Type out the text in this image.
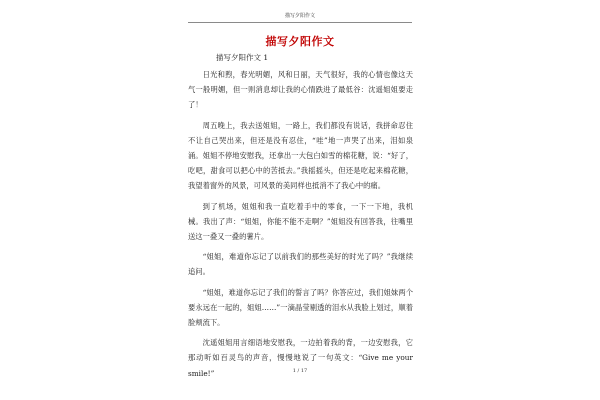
描写夕阳作文
描写夕阳作文
描写夕阳作文 1

日光和煦，春光明媚，风和日丽，天气很好，我的心情也像这天气一般明媚，但一则消息却让我的心情跌进了最低谷：沈遥姐姐要走了！

周五晚上，我去送姐姐，一路上，我们都没有说话，我拼命忍住不让自己哭出来，但还是没有忍住，“哇”地一声哭了出来，泪如泉涌。姐姐不停地安慰我，还拿出一大包白如雪的棉花糖，说：“好了，吃吧，甜食可以把心中的苦抵去。”我摇摇头，但还是吃起来棉花糖，我望着窗外的风景，可风景的美同样也抵消不了我心中的痛。

到了机场，姐姐和我一直吃着手中的零食，一下一下地，我机械。我出了声：“姐姐，你能不能不走啊？”姐姐没有回答我，往嘴里送这一叠又一叠的薯片。

“姐姐，难道你忘记了以前我们的那些美好的时光了吗？”我继续追问。

“姐姐，难道你忘记了我们的誓言了吗？你答应过，我们姐妹两个要永远在一起的，姐姐……”一滴晶莹剔透的泪水从我脸上划过，顺着脸颊流下。

沈遥姐姐用言细语地安慰我，一边拍着我的背，一边安慰我，它那动听如百灵鸟的声音，慢慢地说了一句英文：“Give me your smile!”	1 / 17
